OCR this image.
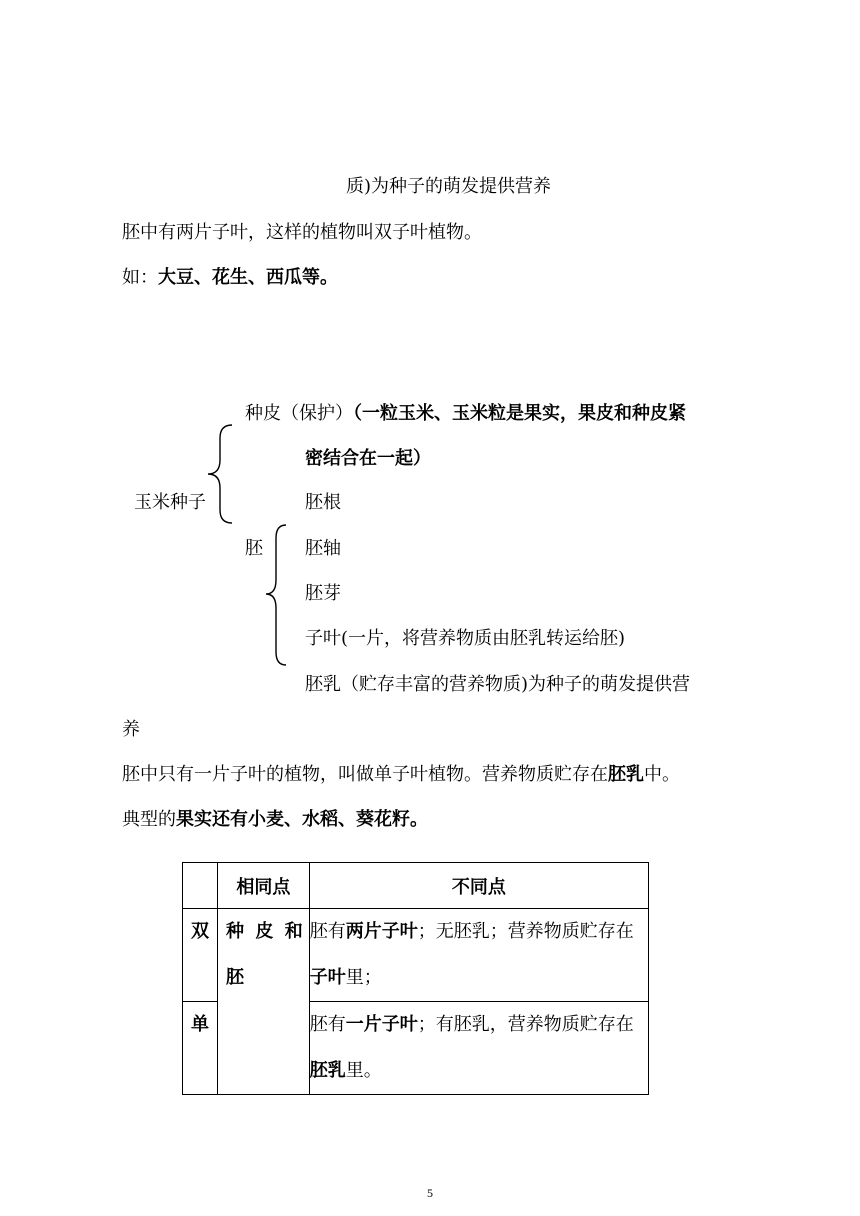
质)为种子的萌发提供营养
胚中有两片子叶，这样的植物叫双子叶植物。
如：大豆、花生、西瓜等。
种皮（保护）（一粒玉米、玉米粒是果实，果皮和种皮紧
密结合在一起）
玉米种子	胚根
胚 胚轴
胚芽
子叶(一片，将营养物质由胚乳转运给胚)
胚乳（贮存丰富的营养物质)为种子的萌发提供营
养
胚中只有一片子叶的植物，叫做单子叶植物。营养物质贮存在胚乳中。
典型的果实还有小麦、水稻、葵花籽。
	相同点	不同点
双	种 皮 和 胚	胚有两片子叶；无胚乳；营养物质贮存在子叶里；
单		胚有一片子叶；有胚乳，营养物质贮存在胚乳里。
5
